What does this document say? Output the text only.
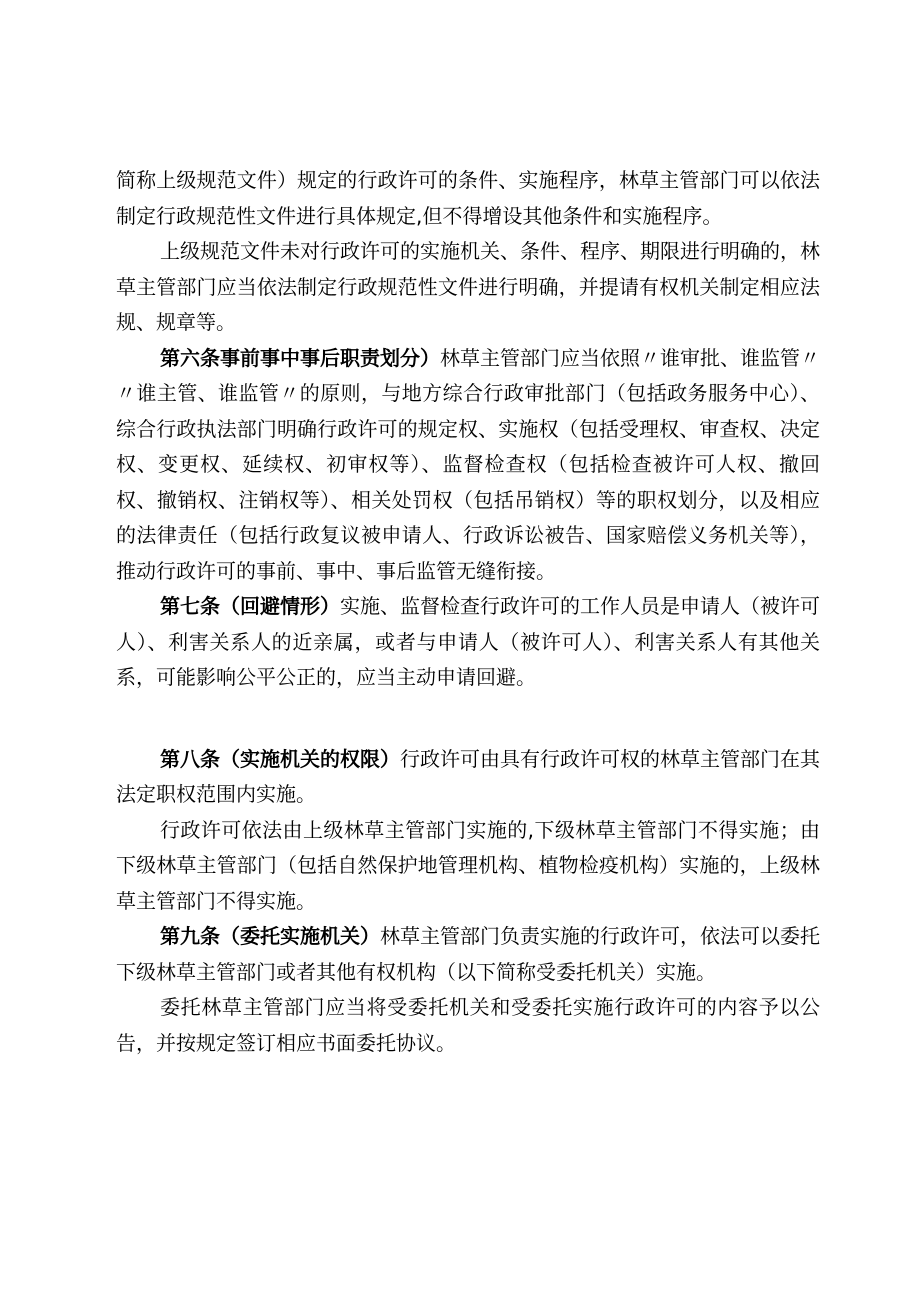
简称上级规范文件）规定的行政许可的条件、实施程序，林草主管部门可以依法制定行政规范性文件进行具体规定,但不得增设其他条件和实施程序。

上级规范文件未对行政许可的实施机关、条件、程序、期限进行明确的，林草主管部门应当依法制定行政规范性文件进行明确，并提请有权机关制定相应法规、规章等。

第六条事前事中事后职责划分）林草主管部门应当依照〃谁审批、谁监管〃〃谁主管、谁监管〃的原则，与地方综合行政审批部门（包括政务服务中心）、综合行政执法部门明确行政许可的规定权、实施权（包括受理权、审查权、决定权、变更权、延续权、初审权等）、监督检查权（包括检查被许可人权、撤回权、撤销权、注销权等）、相关处罚权（包括吊销权）等的职权划分，以及相应的法律责任（包括行政复议被申请人、行政诉讼被告、国家赔偿义务机关等），推动行政许可的事前、事中、事后监管无缝衔接。

第七条（回避情形）实施、监督检查行政许可的工作人员是申请人（被许可人）、利害关系人的近亲属，或者与申请人（被许可人）、利害关系人有其他关系，可能影响公平公正的，应当主动申请回避。

第八条（实施机关的权限）行政许可由具有行政许可权的林草主管部门在其法定职权范围内实施。

行政许可依法由上级林草主管部门实施的,下级林草主管部门不得实施；由下级林草主管部门（包括自然保护地管理机构、植物检疫机构）实施的，上级林草主管部门不得实施。

第九条（委托实施机关）林草主管部门负责实施的行政许可，依法可以委托下级林草主管部门或者其他有权机构（以下简称受委托机关）实施。

委托林草主管部门应当将受委托机关和受委托实施行政许可的内容予以公告，并按规定签订相应书面委托协议。
